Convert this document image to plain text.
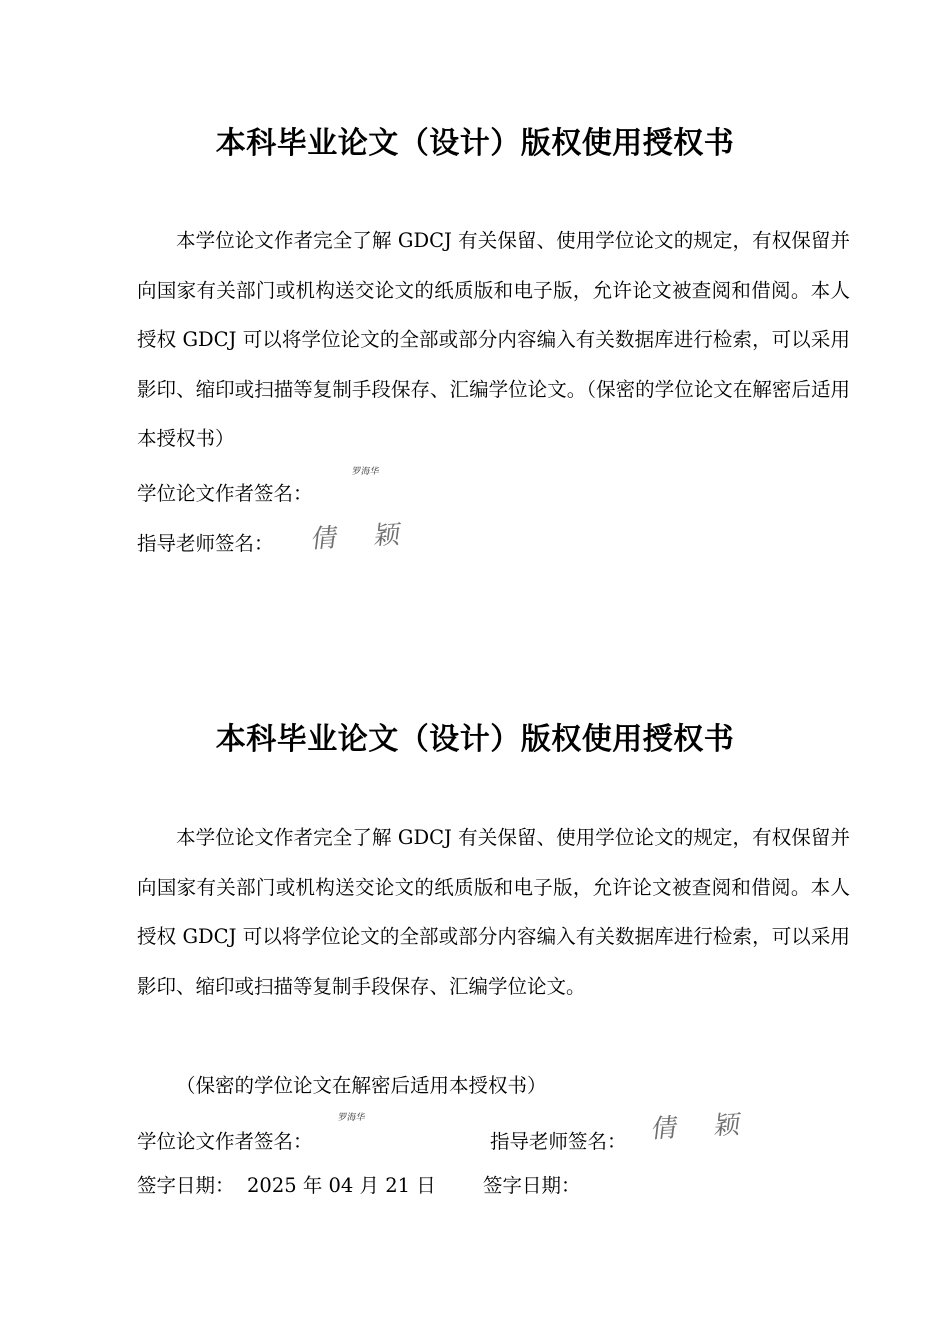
本科毕业论文（设计）版权使用授权书

本学位论文作者完全了解 GDCJ 有关保留、使用学位论文的规定，有权保留并向国家有关部门或机构送交论文的纸质版和电子版，允许论文被查阅和借阅。本人授权 GDCJ 可以将学位论文的全部或部分内容编入有关数据库进行检索，可以采用影印、缩印或扫描等复制手段保存、汇编学位论文。（保密的学位论文在解密后适用本授权书）

学位论文作者签名：
罗海华
指导老师签名： 倩 颖
本科毕业论文（设计）版权使用授权书

本学位论文作者完全了解 GDCJ 有关保留、使用学位论文的规定，有权保留并向国家有关部门或机构送交论文的纸质版和电子版，允许论文被查阅和借阅。本人授权 GDCJ 可以将学位论文的全部或部分内容编入有关数据库进行检索，可以采用影印、缩印或扫描等复制手段保存、汇编学位论文。

（保密的学位论文在解密后适用本授权书）
学位论文作者签名：
罗海华
指导老师签名： 倩 颖
签字日期： 2025 年 04 月 21 日 签字日期：
